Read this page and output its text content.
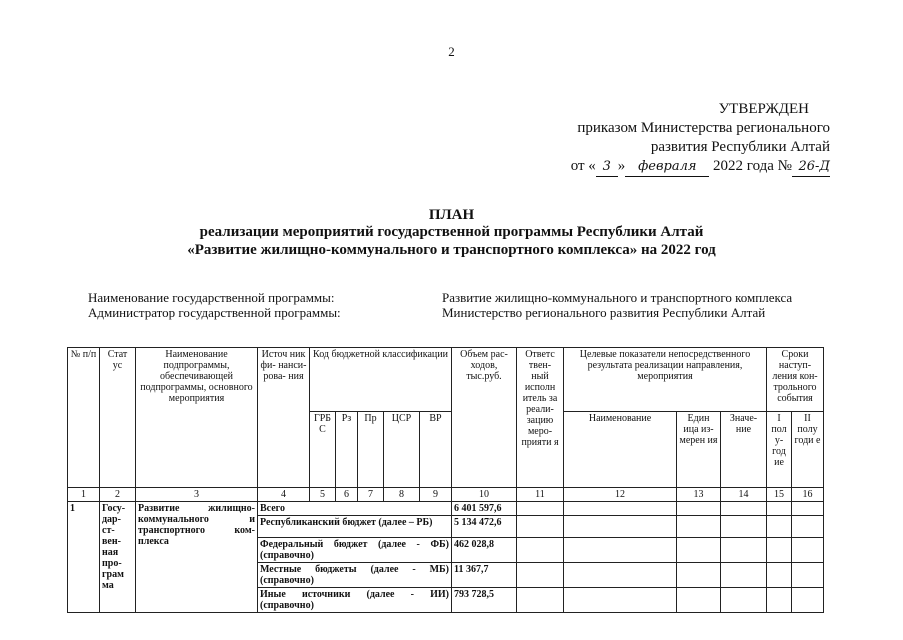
2
УТВЕРЖДЕН
приказом Министерства регионального
развития Республики Алтай
от « 3 » февраля 2022 года № 26-Д
ПЛАН
реализации мероприятий государственной программы Республики Алтай
«Развитие жилищно-коммунального и транспортного комплекса» на 2022 год
Наименование государственной программы:	Развитие жилищно-коммунального и транспортного комплекса
Администратор государственной программы:	Министерство регионального развития Республики Алтай
№ п/п	Стат ус	Наименование подпрограммы, обеспечивающей подпрограммы, основного мероприятия	Источ ник фи- нанси- рова- ния	Код бюджетной классификации					Объем рас- ходов, тыс.руб.	Ответс твен- ный исполн итель за реали- зацию меро- прияти я	Целевые показатели непосредственного результата реализации направления, мероприятия			Сроки наступ- ления кон- трольного события	
				ГРБ С	Рз	Пр	ЦСР	ВР			Наименование	Един ица из- мерен ия	Значе- ние	I пол у- год ие	II полу годи е
1	2	3	4	5	6	7	8	9	10	11	12	13	14	15	16
1	Госу- дар- ст- вен- ная про- грам ма	Развитие жилищно-коммунального и транспортного ком-плекса	Всего						6 401 597,6						
			Республиканский бюджет (далее – РБ)						5 134 472,6						
			Федеральный бюджет (далее - ФБ) (справочно)						462 028,8						
			Местные бюджеты (далее - МБ) (справочно)						11 367,7						
			Иные источники (далее - ИИ) (справочно)						793 728,5						
